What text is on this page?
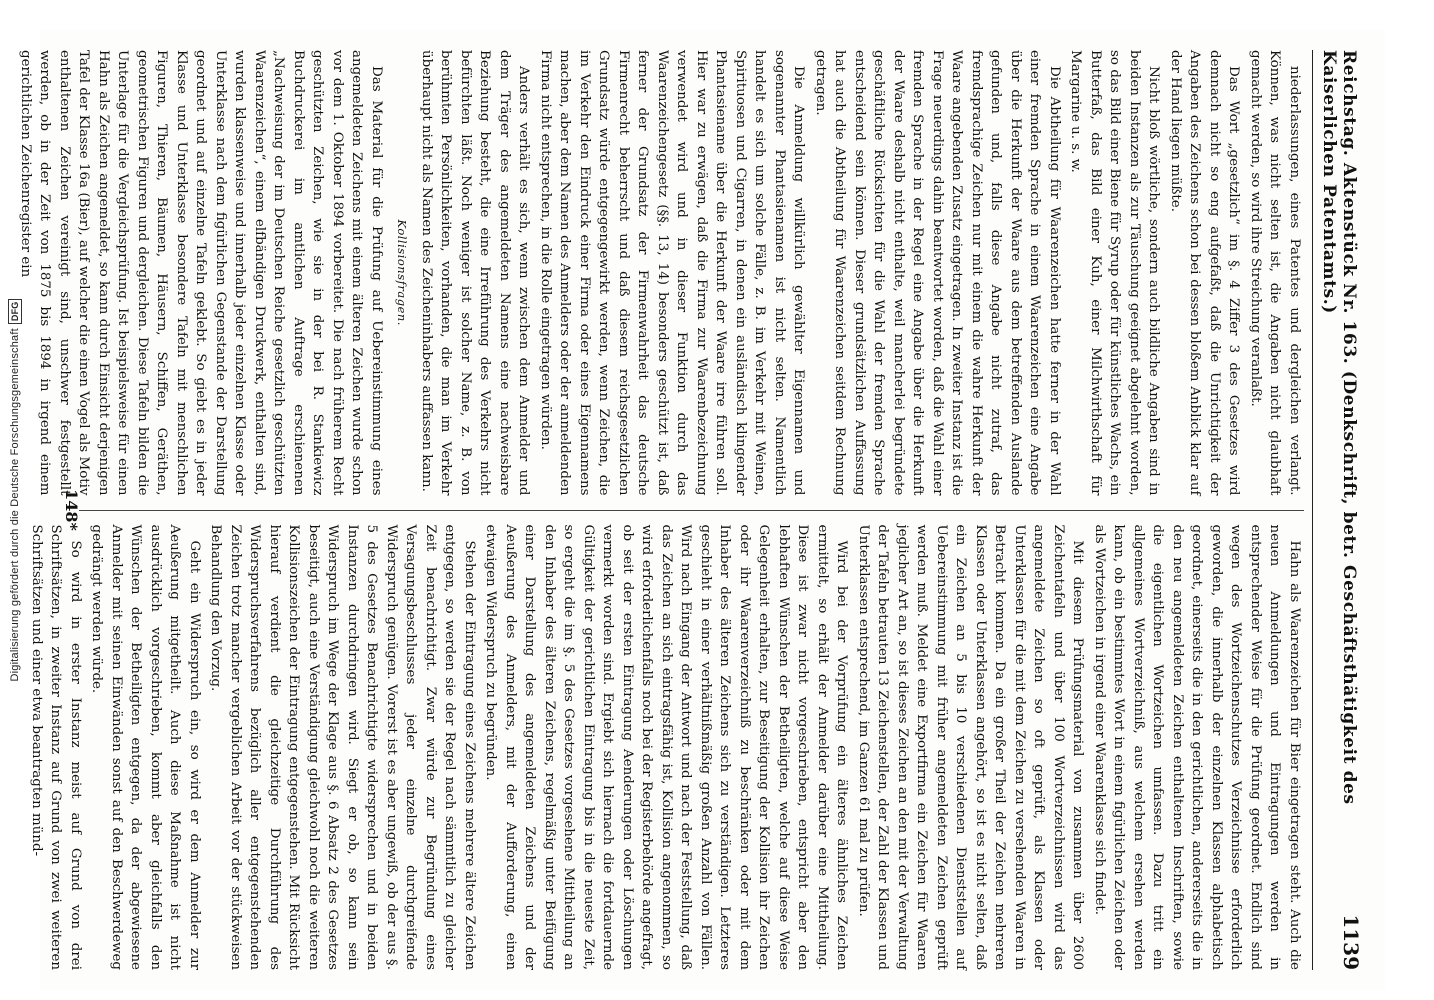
Digitalisierung gefördert durch die Deutsche Forschungsgemeinschaft
DFG	Reichstag. Aktenstück Nr. 163. (Denkschrift, betr. Geschäftsthätigkeit des Kaiserlichen Patentamts.)
1139

niederlassungen, eines Patentes und dergleichen verlangt. Können, was nicht selten ist, die Angaben nicht glaubhaft gemacht werden, so wird ihre Streichung veranlaßt.

Das Wort „gesetzlich“ im §. 4 Ziffer 3 des Gesetzes wird demnach nicht so eng aufgefaßt, daß die Unrichtigkeit der Angaben des Zeichens schon bei dessen bloßem Anblick klar auf der Hand liegen müßte.

Nicht bloß wörtliche, sondern auch bildliche Angaben sind in beiden Instanzen als zur Täuschung geeignet abgelehnt worden, so das Bild einer Biene für Syrup oder für künstliches Wachs, ein Butterfaß, das Bild einer Kuh, einer Milchwirthschaft für Margarine u. s. w.

Die Abtheilung für Waarenzeichen hatte ferner in der Wahl einer fremden Sprache in einem Waarenzeichen eine Angabe über die Herkunft der Waare aus dem betreffenden Auslande gefunden und, falls diese Angabe nicht zutraf, das fremdsprachige Zeichen nur mit einem die wahre Herkunft der Waare angebenden Zusatz eingetragen. In zweiter Instanz ist die Frage neuerdings dahin beantwortet worden, daß die Wahl einer fremden Sprache in der Regel eine Angabe über die Herkunft der Waare deshalb nicht enthalte, weil mancherlei begründete geschäftliche Rücksichten für die Wahl der fremden Sprache entscheidend sein können. Dieser grundsätzlichen Auffassung hat auch die Abtheilung für Waarenzeichen seitdem Rechnung getragen.

Die Anmeldung willkürlich gewählter Eigennamen und sogenannter Phantasienamen ist nicht selten. Namentlich handelt es sich um solche Fälle, z. B. im Verkehr mit Weinen, Spirituosen und Cigarren, in denen ein ausländisch klingender Phantasiename über die Herkunft der Waare irre führen soll. Hier war zu erwägen, daß die Firma zur Waarenbezeichnung verwendet wird und in dieser Funktion durch das Waarenzeichengesetz (§§. 13, 14) besonders geschützt ist, daß ferner der Grundsatz der Firmenwahrheit das deutsche Firmenrecht beherrscht und daß diesem reichsgesetzlichen Grundsatz würde entgegengewirkt werden, wenn Zeichen, die im Verkehr den Eindruck einer Firma oder eines Eigennamens machen, aber dem Namen des Anmelders oder der anmeldenden Firma nicht entsprechen, in die Rolle eingetragen würden.

Anders verhält es sich, wenn zwischen dem Anmelder und dem Träger des angemeldeten Namens eine nachweisbare Beziehung besteht, die eine Irreführung des Verkehrs nicht befürchten läßt. Noch weniger ist solcher Name, z. B. von berühmten Persönlichkeiten, vorhanden, die man im Verkehr überhaupt nicht als Namen des Zeicheninhabers auffassen kann.

Kollisionsfragen.

Das Material für die Prüfung auf Uebereinstimmung eines angemeldeten Zeichens mit einem älteren Zeichen wurde schon vor dem 1. Oktober 1894 vorbereitet. Die nach früherem Recht geschützten Zeichen, wie sie in der bei R. Stankiewicz Buchdruckerei im amtlichen Auftrage erschienenen „Nachweisung der im Deutschen Reiche gesetzlich geschützten Waarenzeichen“, einem elfbändigen Druckwerk, enthalten sind, wurden klassenweise und innerhalb jeder einzelnen Klasse oder Unterklasse nach dem figürlichen Gegenstande der Darstellung geordnet und auf einzelne Tafeln geklebt. So giebt es in jeder Klasse und Unterklasse besondere Tafeln mit menschlichen Figuren, Thieren, Bäumen, Häusern, Schiffen, Geräthen, geometrischen Figuren und dergleichen. Diese Tafeln bilden die Unterlage für die Vergleichsprüfung. Ist beispielsweise für einen Hahn als Zeichen angemeldet, so kann durch Einsicht derjenigen Tafel der Klasse 16a (Bier), auf welcher die einen Vogel als Motiv enthaltenen Zeichen vereinigt sind, unschwer festgestellt werden, ob in der Zeit von 1875 bis 1894 in irgend einem gerichtlichen Zeichenregister ein

Hahn als Waarenzeichen für Bier eingetragen steht. Auch die neuen Anmeldungen und Eintragungen werden in entsprechender Weise für die Prüfung geordnet. Endlich sind wegen des Wortzeichenschutzes Verzeichnisse erforderlich geworden, die innerhalb der einzelnen Klassen alphabetisch geordnet, einerseits die in den gerichtlichen, andererseits die in den neu angemeldeten Zeichen enthaltenen Inschriften, sowie die eigentlichen Wortzeichen umfassen. Dazu tritt ein allgemeines Wortverzeichniß, aus welchem ersehen werden kann, ob ein bestimmtes Wort in einem figürlichen Zeichen oder als Wortzeichen in irgend einer Waarenklasse sich findet.

Mit diesem Prüfungsmaterial von zusammen über 2600 Zeichentafeln und über 100 Wortverzeichnissen wird das angemeldete Zeichen so oft geprüft, als Klassen oder Unterklassen für die mit dem Zeichen zu versehenden Waaren in Betracht kommen. Da ein großer Theil der Zeichen mehreren Klassen oder Unterklassen angehört, so ist es nicht selten, daß ein Zeichen an 5 bis 10 verschiedenen Dienststellen auf Uebereinstimmung mit früher angemeldeten Zeichen geprüft werden muß. Meldet eine Exportfirma ein Zeichen für Waaren jeglicher Art an, so ist dieses Zeichen an den mit der Verwaltung der Tafeln betrauten 13 Zeichenstellen, der Zahl der Klassen und Unterklassen entsprechend, im Ganzen 61 mal zu prüfen.

Wird bei der Vorprüfung ein älteres ähnliches Zeichen ermittelt, so erhält der Anmelder darüber eine Mittheilung. Diese ist zwar nicht vorgeschrieben, entspricht aber den lebhaften Wünschen der Betheiligten, welche auf diese Weise Gelegenheit erhalten, zur Beseitigung der Kollision ihr Zeichen oder ihr Waarenverzeichniß zu beschränken oder mit dem Inhaber des älteren Zeichens sich zu verständigen. Letzteres geschieht in einer verhältnißmäßig großen Anzahl von Fällen. Wird nach Eingang der Antwort und nach der Feststellung, daß das Zeichen an sich eintragsfähig ist, Kollision angenommen, so wird erforderlichenfalls noch bei der Registerbehörde angefragt, ob seit der ersten Eintragung Aenderungen oder Löschungen vermerkt worden sind. Ergiebt sich hiernach die fortdauernde Gültigkeit der gerichtlichen Eintragung bis in die neueste Zeit, so ergeht die im §. 5 des Gesetzes vorgesehene Mittheilung an den Inhaber des älteren Zeichens, regelmäßig unter Beifügung einer Darstellung des angemeldeten Zeichens und der Aeußerung des Anmelders, mit der Aufforderung, einen etwaigen Widerspruch zu begründen.

Stehen der Eintragung eines Zeichens mehrere ältere Zeichen entgegen, so werden sie der Regel nach sämmtlich zu gleicher Zeit benachrichtigt. Zwar würde zur Begründung eines Versagungsbeschlusses jeder einzelne durchgreifende Widerspruch genügen. Vorerst ist es aber ungewiß, ob der aus §. 5 des Gesetzes Benachrichtigte widersprechen und in beiden Instanzen durchdringen wird. Siegt er ob, so kann sein Widerspruch im Wege der Klage aus §. 6 Absatz 2 des Gesetzes beseitigt, auch eine Verständigung gleichwohl noch die weiteren Kollisionszeichen der Eintragung entgegenstehen. Mit Rücksicht hierauf verdient die gleichzeitige Durchführung des Widerspruchsverfahrens bezüglich aller entgegenstehenden Zeichen trotz mancher vergeblichen Arbeit vor der stückweisen Behandlung den Vorzug.

Geht ein Widerspruch ein, so wird er dem Anmelder zur Aeußerung mitgetheilt. Auch diese Maßnahme ist nicht ausdrücklich vorgeschrieben, kommt aber gleichfalls den Wünschen der Betheiligten entgegen, da der abgewiesene Anmelder mit seinen Einwänden sonst auf den Beschwerdeweg gedrängt werden würde.

So wird in erster Instanz meist auf Grund von drei Schriftsätzen, in zweiter Instanz auf Grund von zwei weiteren Schriftsätzen und einer etwa beantragten münd-

148*
